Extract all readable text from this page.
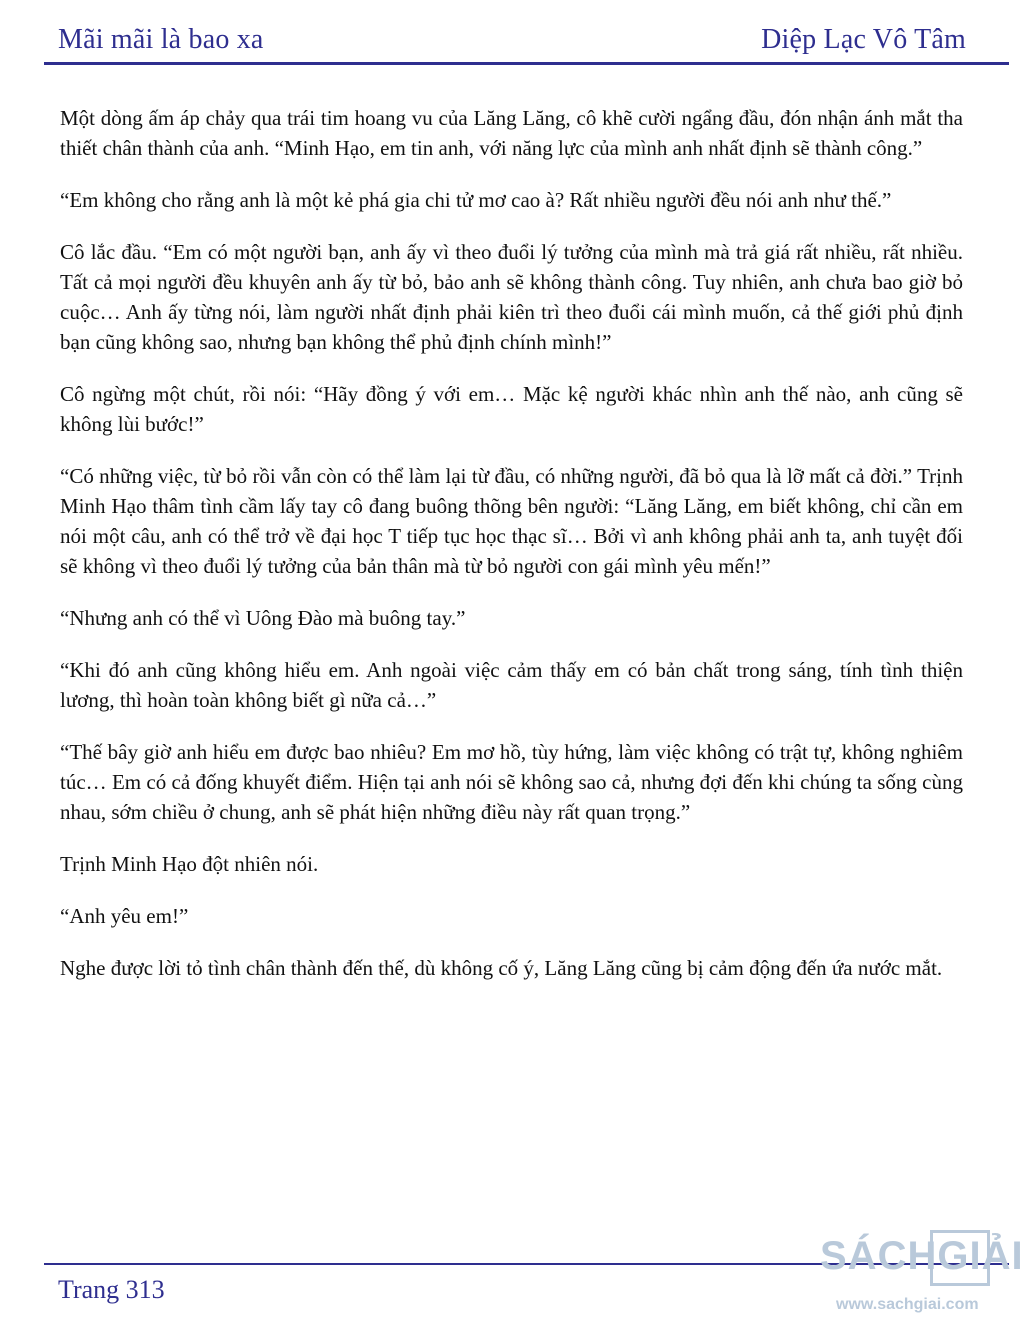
Mãi mãi là bao xa	Diệp Lạc Vô Tâm

Một dòng ấm áp chảy qua trái tim hoang vu của Lăng Lăng, cô khẽ cười ngẩng đầu, đón nhận ánh mắt tha thiết chân thành của anh. “Minh Hạo, em tin anh, với năng lực của mình anh nhất định sẽ thành công.”

“Em không cho rằng anh là một kẻ phá gia chi tử mơ cao à? Rất nhiều người đều nói anh như thế.”

Cô lắc đầu. “Em có một người bạn, anh ấy vì theo đuổi lý tưởng của mình mà trả giá rất nhiều, rất nhiều. Tất cả mọi người đều khuyên anh ấy từ bỏ, bảo anh sẽ không thành công. Tuy nhiên, anh chưa bao giờ bỏ cuộc… Anh ấy từng nói, làm người nhất định phải kiên trì theo đuổi cái mình muốn, cả thế giới phủ định bạn cũng không sao, nhưng bạn không thể phủ định chính mình!”

Cô ngừng một chút, rồi nói: “Hãy đồng ý với em… Mặc kệ người khác nhìn anh thế nào, anh cũng sẽ không lùi bước!”

“Có những việc, từ bỏ rồi vẫn còn có thể làm lại từ đầu, có những người, đã bỏ qua là lỡ mất cả đời.” Trịnh Minh Hạo thâm tình cầm lấy tay cô đang buông thõng bên người: “Lăng Lăng, em biết không, chỉ cần em nói một câu, anh có thể trở về đại học T tiếp tục học thạc sĩ… Bởi vì anh không phải anh ta, anh tuyệt đối sẽ không vì theo đuổi lý tưởng của bản thân mà từ bỏ người con gái mình yêu mến!”

“Nhưng anh có thể vì Uông Đào mà buông tay.”

“Khi đó anh cũng không hiểu em. Anh ngoài việc cảm thấy em có bản chất trong sáng, tính tình thiện lương, thì hoàn toàn không biết gì nữa cả…”

“Thế bây giờ anh hiểu em được bao nhiêu? Em mơ hồ, tùy hứng, làm việc không có trật tự, không nghiêm túc… Em có cả đống khuyết điểm. Hiện tại anh nói sẽ không sao cả, nhưng đợi đến khi chúng ta sống cùng nhau, sớm chiều ở chung, anh sẽ phát hiện những điều này rất quan trọng.”

Trịnh Minh Hạo đột nhiên nói.

“Anh yêu em!”

Nghe được lời tỏ tình chân thành đến thế, dù không cố ý, Lăng Lăng cũng bị cảm động đến ứa nước mắt.

Trang 313
SÁCHGIẢI
www.sachgiai.com
